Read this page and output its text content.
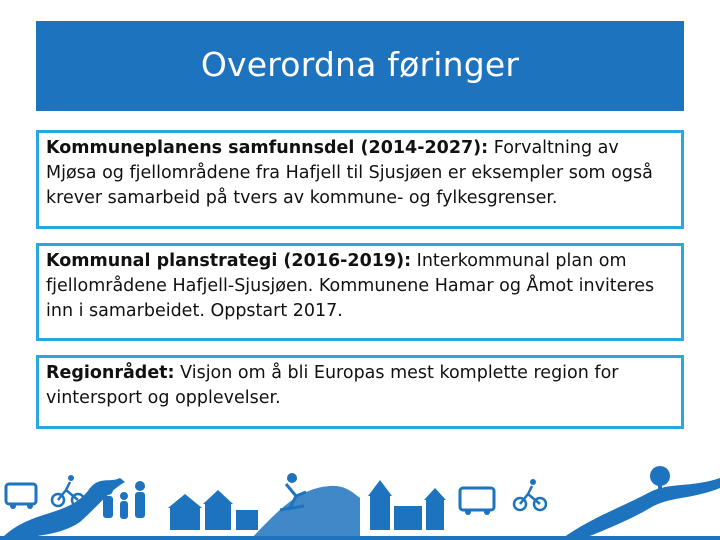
Overordna føringer
Kommuneplanens samfunnsdel (2014-2027): Forvaltning av Mjøsa og fjellområdene fra Hafjell til Sjusjøen er eksempler som også krever samarbeid på tvers av kommune- og fylkesgrenser.
Kommunal planstrategi (2016-2019): Interkommunal plan om fjellområdene Hafjell-Sjusjøen. Kommunene Hamar og Åmot inviteres inn i samarbeidet. Oppstart 2017.
Regionrådet: Visjon om å bli Europas mest komplette region for vintersport og opplevelser.
